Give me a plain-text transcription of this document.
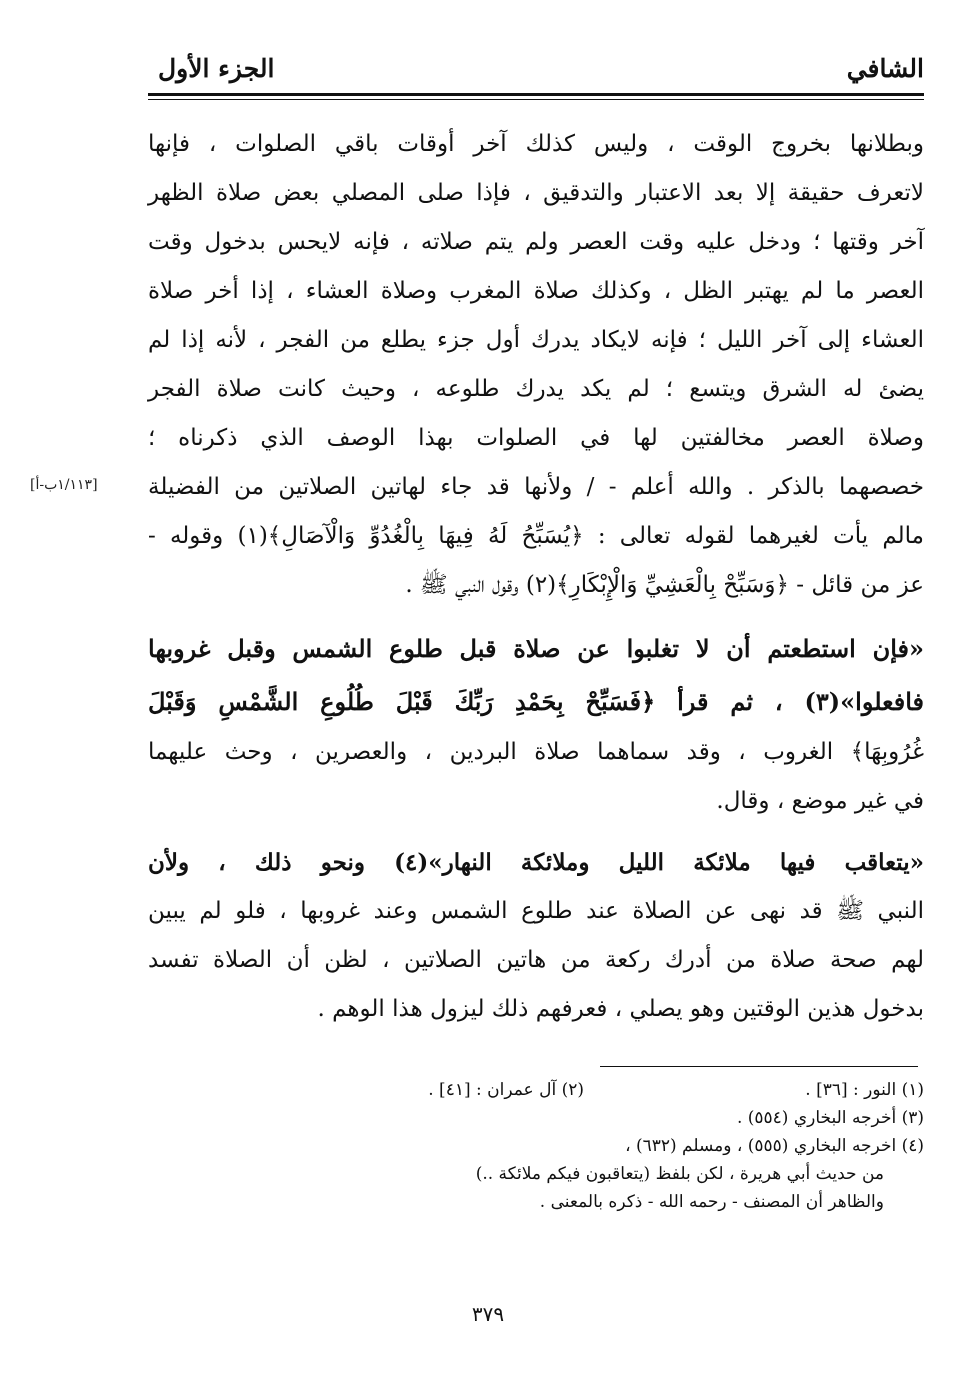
الشافي
الجزء الأول
[١/١١٣ب-أ]
وبطلانها بخروج الوقت ، وليس كذلك آخر أوقات باقي الصلوات ، فإنها
لاتعرف حقيقة إلا بعد الاعتبار والتدقيق ، فإذا صلى المصلي بعض صلاة الظهر
آخر وقتها ؛ ودخل عليه وقت العصر ولم يتم صلاته ، فإنه لايحس بدخول وقت
العصر ما لم يهتبر الظل ، وكذلك صلاة المغرب وصلاة العشاء ، إذا أخر صلاة
العشاء إلى آخر الليل ؛ فإنه لايكاد يدرك أول جزء يطلع من الفجر ، لأنه إذا لم
يضئ له الشرق ويتسع ؛ لم يكد يدرك طلوعه ، وحيث كانت صلاة الفجر
وصلاة العصر مخالفتين لها في الصلوات بهذا الوصف الذي ذكرناه ؛
خصصهما بالذكر . والله أعلم - / ولأنها قد جاء لهاتين الصلاتين من الفضيلة
مالم يأت لغيرهما لقوله تعالى : ﴿يُسَبِّحُ لَهُ فِيهَا بِالْغُدُوِّ وَالْآصَالِ﴾(١) وقوله -
عز من قائل - ﴿وَسَبِّحْ بِالْعَشِيِّ وَالْإِبْكَارِ﴾(٢) وقول النبي ﷺ .
«فإن استطعتم أن لا تغلبوا عن صلاة قبل طلوع الشمس وقبل غروبها
فافعلوا»(٣) ، ثم قرأ ﴿فَسَبِّحْ بِحَمْدِ رَبِّكَ قَبْلَ طُلُوعِ الشَّمْسِ وَقَبْلَ
غُرُوبِهَا﴾ الغروب ، وقد سماهما صلاة البردين ، والعصرين ، وحث عليهما
في غير موضع ، وقال.
«يتعاقب فيها ملائكة الليل وملائكة النهار»(٤) ونحو ذلك ، ولأن
النبي ﷺ قد نهى عن الصلاة عند طلوع الشمس وعند غروبها ، فلو لم يبين
لهم صحة صلاة من أدرك ركعة من هاتين الصلاتين ، لظن أن الصلاة تفسد
بدخول هذين الوقتين وهو يصلي ، فعرفهم ذلك ليزول هذا الوهم .
(١) النور : [٣٦] .
(٢) آل عمران : [٤١] .
(٣) أخرجه البخاري (٥٥٤) .
(٤) اخرجه البخاري (٥٥٥) ، ومسلم (٦٣٢) ،
من حديث أبي هريرة ، لكن بلفظ (يتعاقبون فيكم ملائكة ..)
والظاهر أن المصنف - رحمه الله - ذكره بالمعنى .
٣٧٩
